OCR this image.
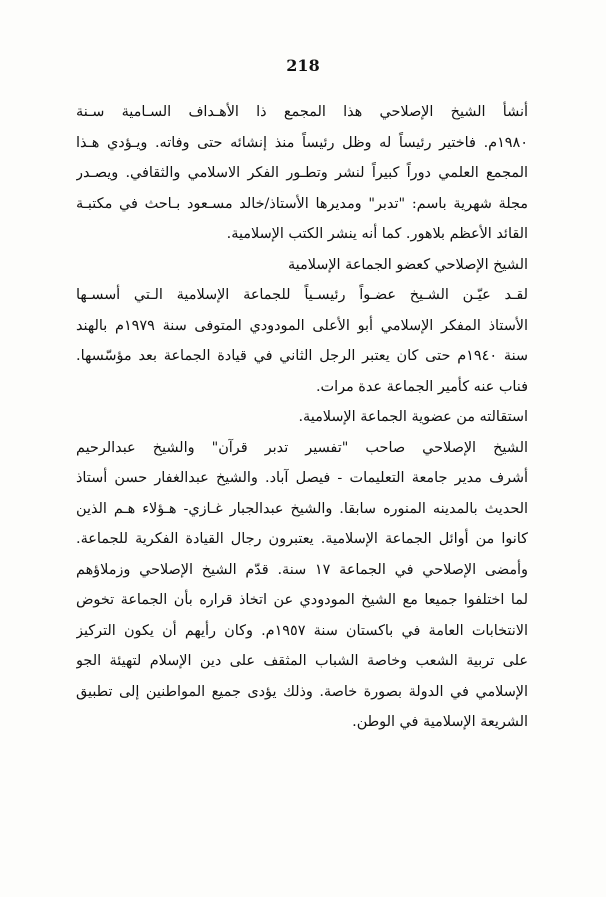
218
أنشأ الشيخ الإصلاحي هذا المجمع ذا الأهـداف السـامية سـنة
١٩٨٠م. فاختير رئيساً له وظل رئيساً منذ إنشائه حتى وفاته. ويـؤدي هـذا
المجمع العلمي دوراً كبيراً لنشر وتطـور الفكر الاسلامي والثقافي. ويصـدر
مجلة شهرية باسم: "تدبر" ومديرها الأستاذ/خالد مسـعود بـاحث في مكتبـة
القائد الأعظم بلاهور. كما أنه ينشر الكتب الإسلامية.
الشيخ الإصلاحي كعضو الجماعة الإسلامية
لقـد عيّـن الشـيخ عضـواً رئيسـياً للجماعة الإسلامية الـتي أسسـها
الأستاذ المفكر الإسلامي أبو الأعلى المودودي المتوفى سنة ١٩٧٩م بالهند
سنة ١٩٤٠م حتى كان يعتبر الرجل الثاني في قيادة الجماعة بعد مؤسّسها.
فناب عنه كأمير الجماعة عدة مرات.
استقالته من عضوية الجماعة الإسلامية.
الشيخ الإصلاحي صاحب "تفسير تدبر قرآن" والشيخ عبدالرحيم
أشرف مدير جامعة التعليمات - فيصل آباد. والشيخ عبدالغفار حسن أستاذ
الحديث بالمدينه المنوره سابقا. والشيخ عبدالجبار غـازي- هـؤلاء هـم الذين
كانوا من أوائل الجماعة الإسلامية. يعتبرون رجال القيادة الفكرية للجماعة.
وأمضى الإصلاحي في الجماعة ١٧ سنة. قدّم الشيخ الإصلاحي وزملاؤهم
لما اختلفوا جميعا مع الشيخ المودودي عن اتخاذ قراره بأن الجماعة تخوض
الانتخابات العامة في باكستان سنة ١٩٥٧م. وكان رأيهم أن يكون التركيز
على تربية الشعب وخاصة الشباب المثقف على دين الإسلام لتهيئة الجو
الإسلامي في الدولة بصورة خاصة. وذلك يؤدى جميع المواطنين إلى تطبيق
الشريعة الإسلامية في الوطن.
